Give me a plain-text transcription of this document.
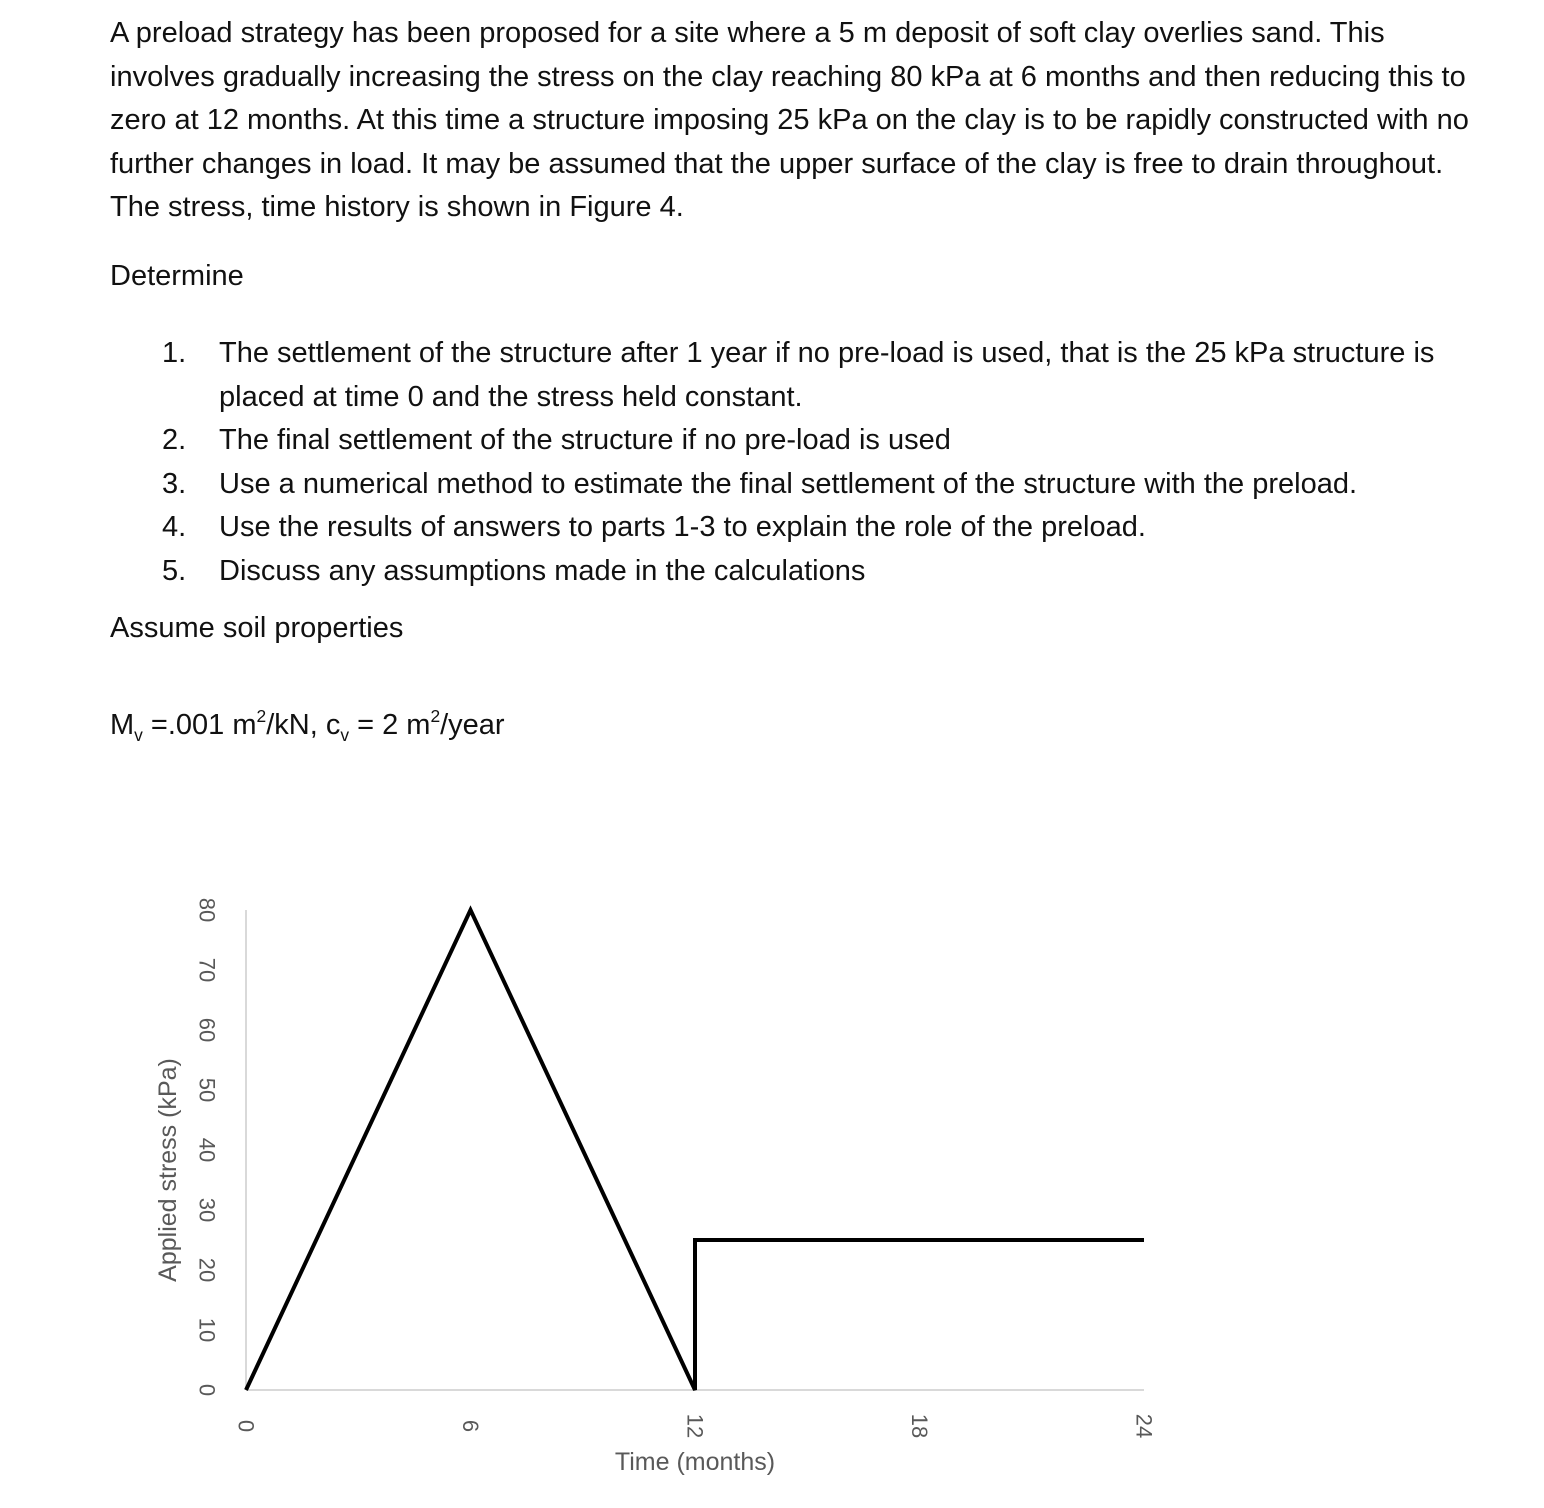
A preload strategy has been proposed for a site where a 5 m deposit of soft clay overlies sand. This involves gradually increasing the stress on the clay reaching 80 kPa at 6 months and then reducing this to zero at 12 months. At this time a structure imposing 25 kPa on the clay is to be rapidly constructed with no further changes in load. It may be assumed that the upper surface of the clay is free to drain throughout. The stress, time history is shown in Figure 4.

Determine

1. The settlement of the structure after 1 year if no pre-load is used, that is the 25 kPa structure is placed at time 0 and the stress held constant.
2. The final settlement of the structure if no pre-load is used
3. Use a numerical method to estimate the final settlement of the structure with the preload.
4. Use the results of answers to parts 1-3 to explain the role of the preload.
5. Discuss any assumptions made in the calculations

Assume soil properties

$M_v =.001$ $m^2/kN$, $c_v = 2$ $m^2$/year

0
10
20
30
40
50
60
70
80
0	6	12	18	24
Applied stress (kPa)
Time (months)
